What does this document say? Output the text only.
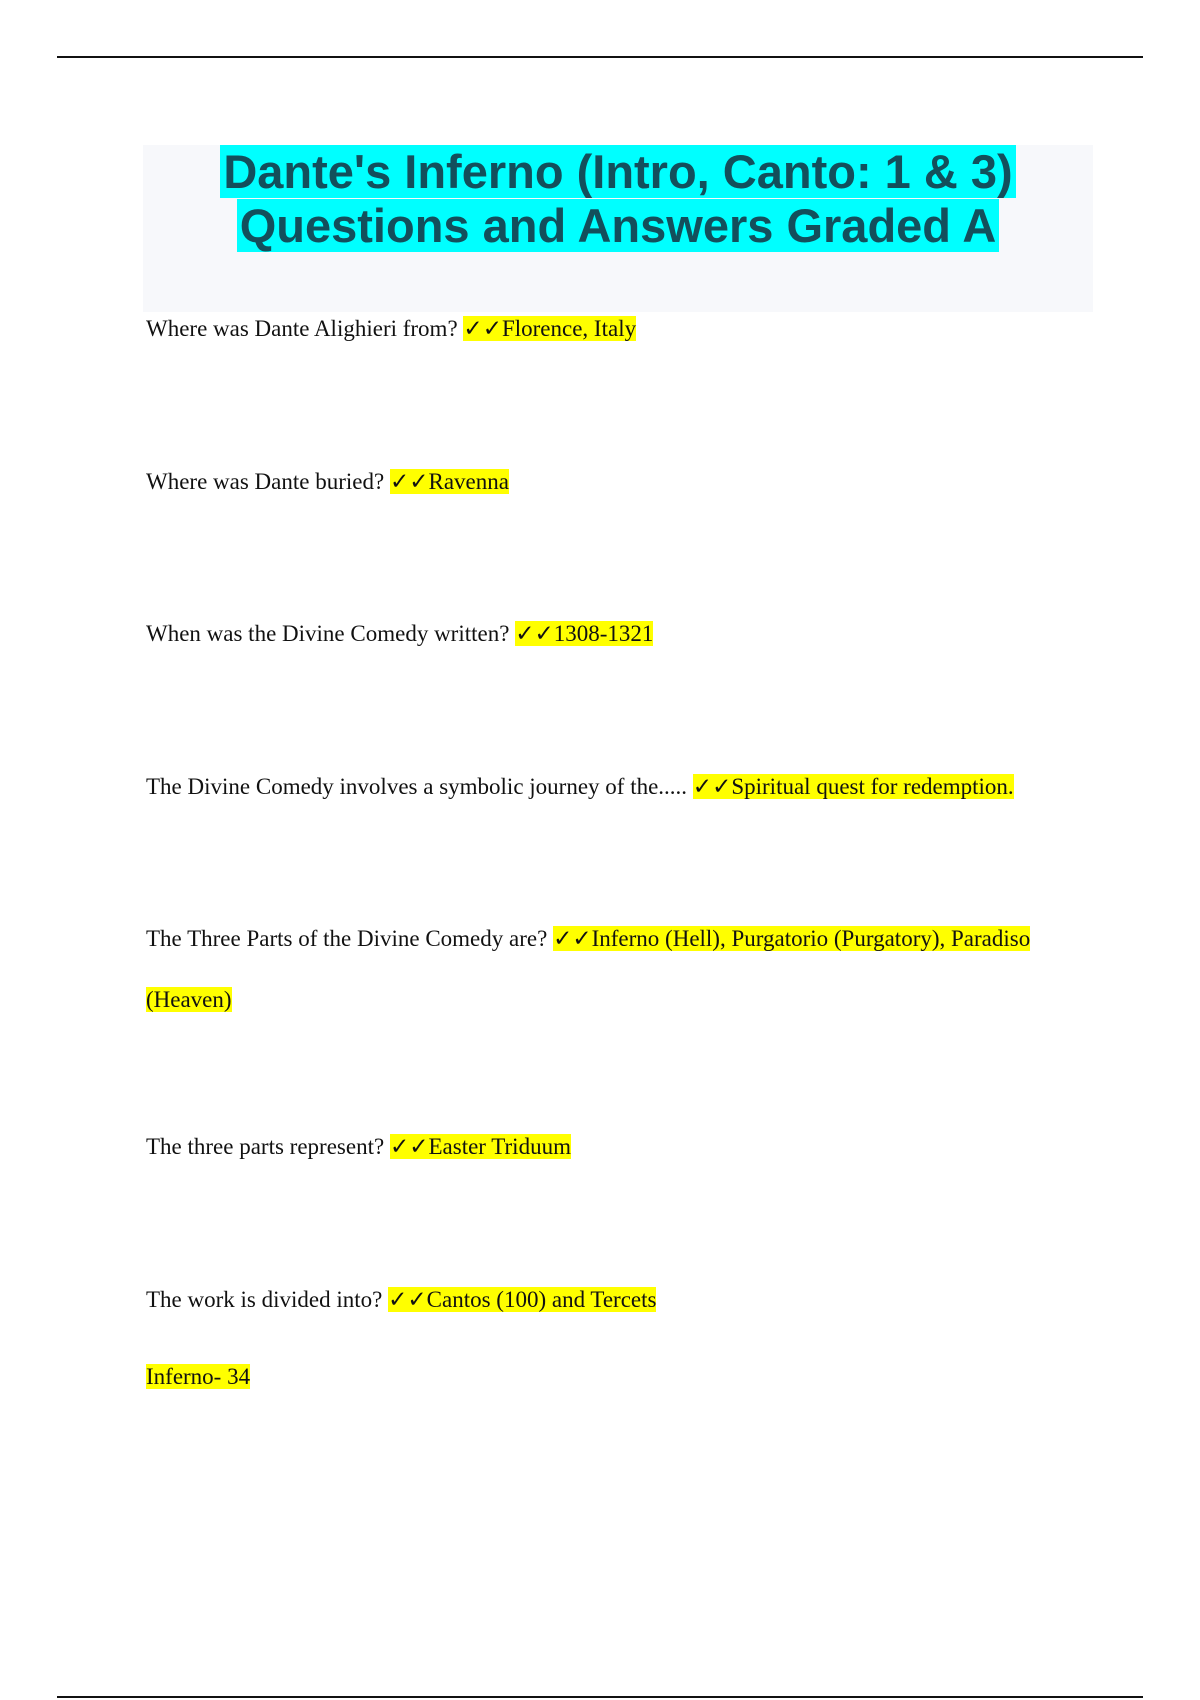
Dante's Inferno (Intro, Canto: 1 & 3)
Questions and Answers Graded A
Where was Dante Alighieri from? ✓✓Florence, Italy
Where was Dante buried? ✓✓Ravenna
When was the Divine Comedy written? ✓✓1308-1321
The Divine Comedy involves a symbolic journey of the..... ✓✓Spiritual quest for redemption.
The Three Parts of the Divine Comedy are? ✓✓Inferno (Hell), Purgatorio (Purgatory), Paradiso
(Heaven)
The three parts represent? ✓✓Easter Triduum
The work is divided into? ✓✓Cantos (100) and Tercets
Inferno- 34
